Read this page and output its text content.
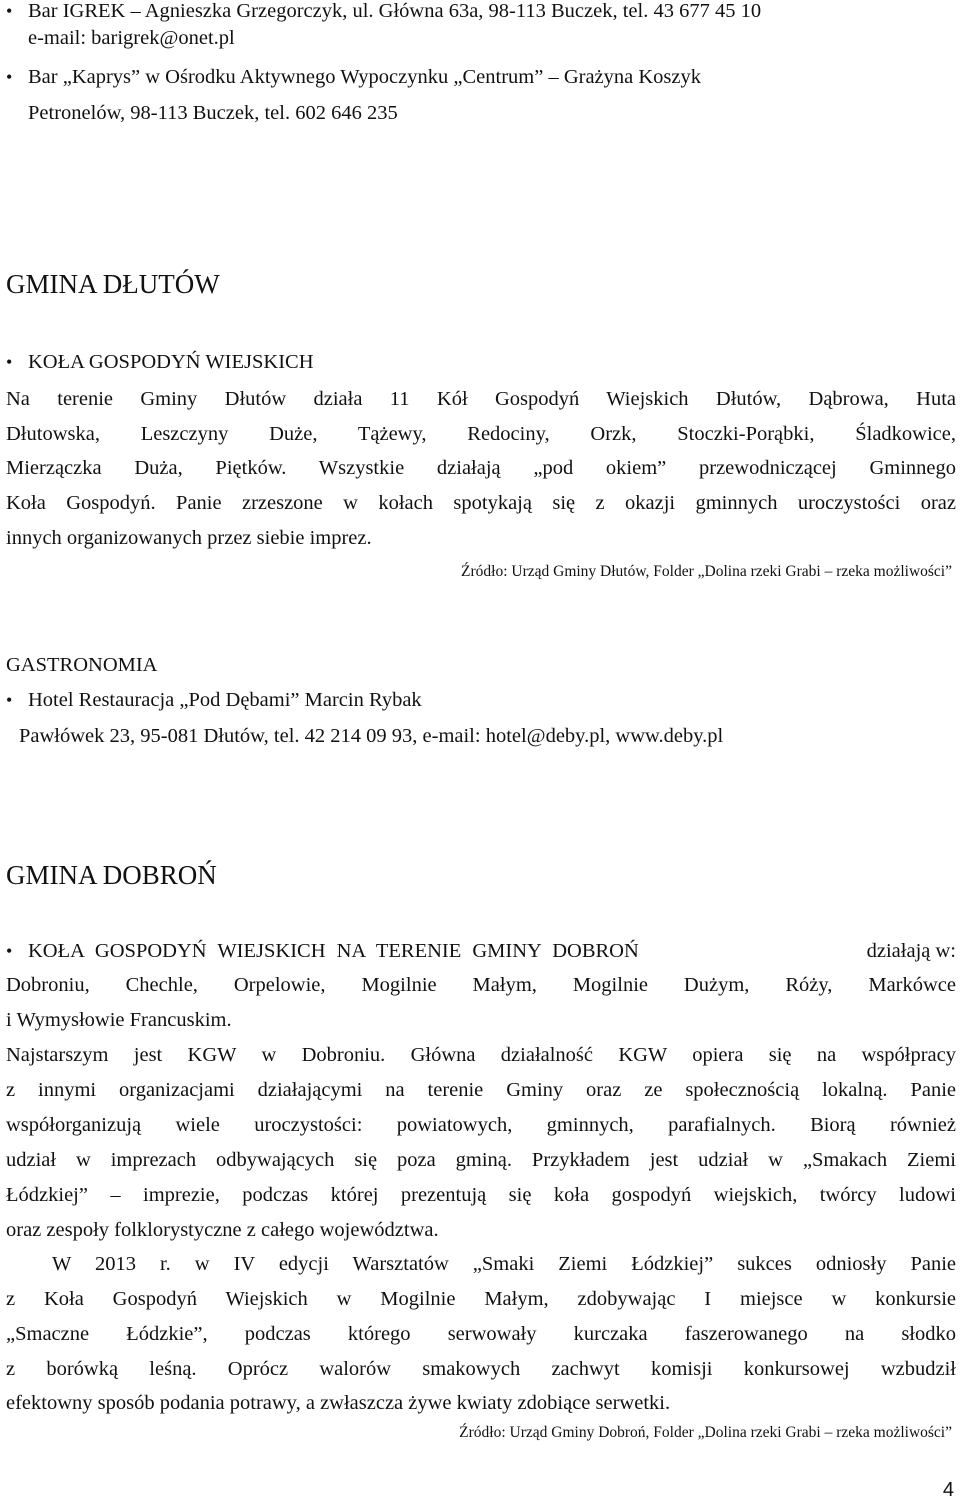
• Bar IGREK – Agnieszka Grzegorczyk, ul. Główna 63a, 98-113 Buczek, tel. 43 677 45 10
e-mail: barigrek@onet.pl
• Bar „Kaprys” w Ośrodku Aktywnego Wypoczynku „Centrum” – Grażyna Koszyk
Petronelów, 98-113 Buczek, tel. 602 646 235
GMINA DŁUTÓW
• KOŁA GOSPODYŃ WIEJSKICH
Na terenie Gminy Dłutów działa 11 Kół Gospodyń Wiejskich Dłutów, Dąbrowa, Huta
Dłutowska, Leszczyny Duże, Tążewy, Redociny, Orzk, Stoczki-Porąbki, Śladkowice,
Mierzączka Duża, Piętków. Wszystkie działają „pod okiem” przewodniczącej Gminnego
Koła Gospodyń. Panie zrzeszone w kołach spotykają się z okazji gminnych uroczystości oraz
innych organizowanych przez siebie imprez.
Źródło: Urząd Gminy Dłutów, Folder „Dolina rzeki Grabi – rzeka możliwości”
GASTRONOMIA
• Hotel Restauracja „Pod Dębami” Marcin Rybak
Pawłówek 23, 95-081 Dłutów, tel. 42 214 09 93, e-mail: hotel@deby.pl, www.deby.pl
GMINA DOBROŃ
• KOŁA GOSPODYŃ WIEJSKICH NA TERENIE GMINY DOBROŃ	działają w:
Dobroniu, Chechle, Orpelowie, Mogilnie Małym, Mogilnie Dużym, Róży, Markówce
i Wymysłowie Francuskim.
Najstarszym jest KGW w Dobroniu. Główna działalność KGW opiera się na współpracy
z innymi organizacjami działającymi na terenie Gminy oraz ze społecznością lokalną. Panie
współorganizują wiele uroczystości: powiatowych, gminnych, parafialnych. Biorą również
udział w imprezach odbywających się poza gminą. Przykładem jest udział w „Smakach Ziemi
Łódzkiej” – imprezie, podczas której prezentują się koła gospodyń wiejskich, twórcy ludowi
oraz zespoły folklorystyczne z całego województwa.
W 2013 r. w IV edycji Warsztatów „Smaki Ziemi Łódzkiej” sukces odniosły Panie
z Koła Gospodyń Wiejskich w Mogilnie Małym, zdobywając I miejsce w konkursie
„Smaczne Łódzkie”, podczas którego serwowały kurczaka faszerowanego na słodko
z borówką leśną. Oprócz walorów smakowych zachwyt komisji konkursowej wzbudził
efektowny sposób podania potrawy, a zwłaszcza żywe kwiaty zdobiące serwetki.
Źródło: Urząd Gminy Dobroń, Folder „Dolina rzeki Grabi – rzeka możliwości”
4
